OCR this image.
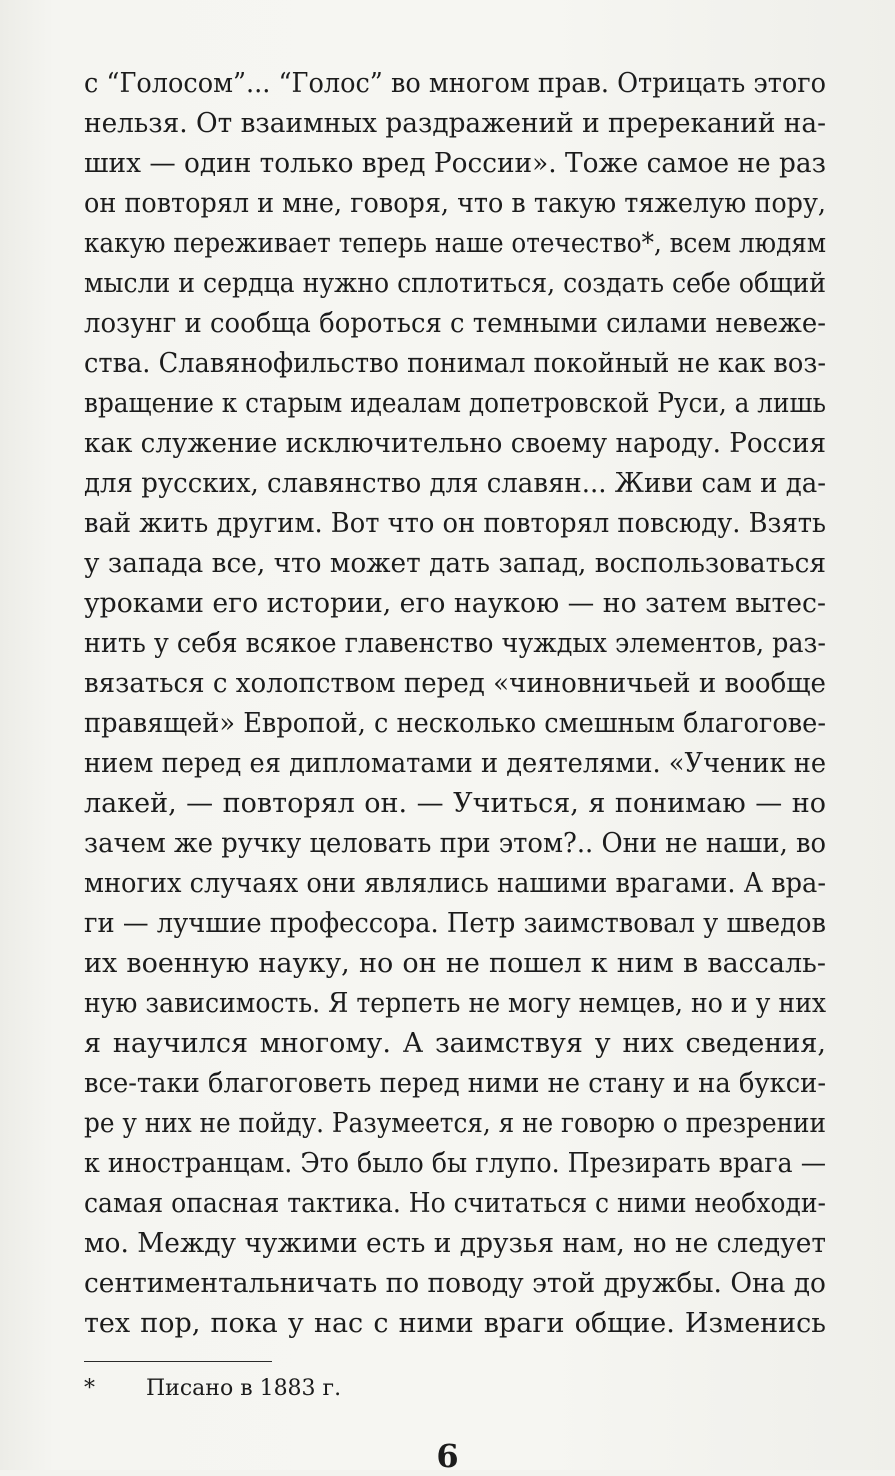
с “Голосом”... “Голос” во многом прав. Отрицать этого
нельзя. От взаимных раздражений и пререканий на-
ших — один только вред России». Тоже самое не раз
он повторял и мне, говоря, что в такую тяжелую пору,
какую переживает теперь наше отечество*, всем людям
мысли и сердца нужно сплотиться, создать себе общий
лозунг и сообща бороться с темными силами невеже-
ства. Славянофильство понимал покойный не как воз-
вращение к старым идеалам допетровской Руси, а лишь
как служение исключительно своему народу. Россия
для русских, славянство для славян... Живи сам и да-
вай жить другим. Вот что он повторял повсюду. Взять
у запада все, что может дать запад, воспользоваться
уроками его истории, его наукою — но затем вытес-
нить у себя всякое главенство чуждых элементов, раз-
вязаться с холопством перед «чиновничьей и вообще
правящей» Европой, с несколько смешным благогове-
нием перед ея дипломатами и деятелями. «Ученик не
лакей, — повторял он. — Учиться, я понимаю — но
зачем же ручку целовать при этом?.. Они не наши, во
многих случаях они являлись нашими врагами. А вра-
ги — лучшие профессора. Петр заимствовал у шведов
их военную науку, но он не пошел к ним в вассаль-
ную зависимость. Я терпеть не могу немцев, но и у них
я научился многому. А заимствуя у них сведения,
все-таки благоговеть перед ними не стану и на букси-
ре у них не пойду. Разумеется, я не говорю о презрении
к иностранцам. Это было бы глупо. Презирать врага —
самая опасная тактика. Но считаться с ними необходи-
мо. Между чужими есть и друзья нам, но не следует
сентиментальничать по поводу этой дружбы. Она до
тех пор, пока у нас с ними враги общие. Изменись
* Писано в 1883 г.
6
